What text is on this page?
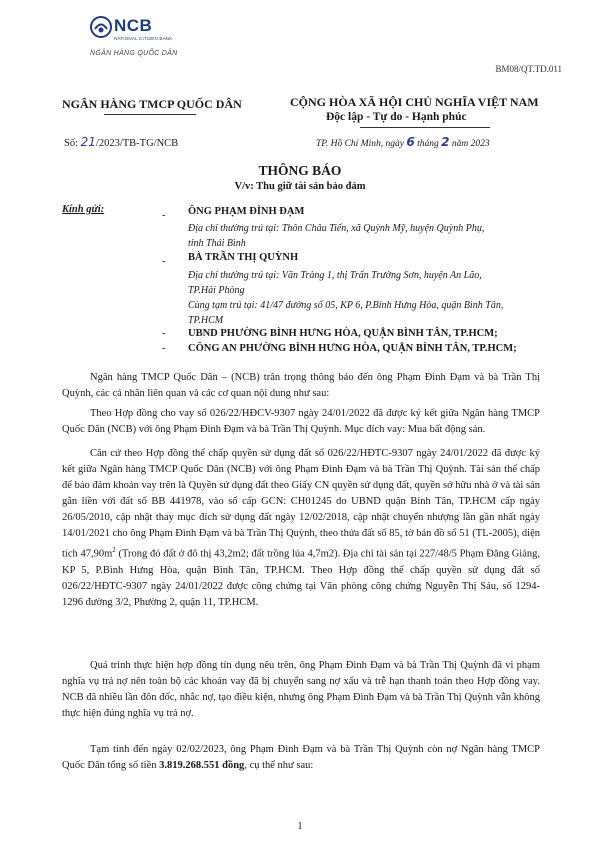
NCB
NATIONAL CITIZEN BANK
NGÂN HÀNG QUỐC DÂN
BM08/QT.TD.011
NGÂN HÀNG TMCP QUỐC DÂN	CỘNG HÒA XÃ HỘI CHỦ NGHĨA VIỆT NAM
Độc lập - Tự do - Hạnh phúc
Số: 21/2023/TB-TG/NCB	TP. Hồ Chí Minh, ngày 6 tháng 2 năm 2023
THÔNG BÁO
V/v: Thu giữ tài sản bảo đảm
Kính gửi:
- ÔNG PHẠM ĐÌNH ĐẠM
Địa chỉ thường trú tại: Thôn Châu Tiến, xã Quỳnh Mỹ, huyện Quỳnh Phụ,
tỉnh Thái Bình
- BÀ TRẦN THỊ QUỲNH
Địa chỉ thường trú tại: Văn Tràng 1, thị Trấn Trường Sơn, huyện An Lão,
TP.Hải Phòng
Cùng tạm trú tại: 41/47 đường số 05, KP 6, P.Bình Hưng Hòa, quận Bình Tân,
TP.HCM
- UBND PHƯỜNG BÌNH HƯNG HÒA, QUẬN BÌNH TÂN, TP.HCM;
- CÔNG AN PHƯỜNG BÌNH HƯNG HÒA, QUẬN BÌNH TÂN, TP.HCM;
Ngân hàng TMCP Quốc Dân – (NCB) trân trọng thông báo đến ông Phạm Đình Đạm và bà Trần Thị Quỳnh, các cá nhân liên quan và các cơ quan nội dung như sau:
Theo Hợp đồng cho vay số 026/22/HĐCV-9307 ngày 24/01/2022 đã được ký kết giữa Ngân hàng TMCP Quốc Dân (NCB) với ông Phạm Đình Đạm và bà Trần Thị Quỳnh. Mục đích vay: Mua bất động sản.
Căn cứ theo Hợp đồng thế chấp quyền sử dụng đất số 026/22/HĐTC-9307 ngày 24/01/2022 đã được ký kết giữa Ngân hàng TMCP Quốc Dân (NCB) với ông Phạm Đình Đạm và bà Trần Thị Quỳnh. Tài sản thế chấp để bảo đảm khoản vay trên là Quyền sử dụng đất theo Giấy CN quyền sử dụng đất, quyền sở hữu nhà ở và tài sản gắn liền với đất số BB 441978, vào sổ cấp GCN: CH01245 do UBND quận Bình Tân, TP.HCM cấp ngày 26/05/2010, cập nhật thay mục đích sử dụng đất ngày 12/02/2018, cập nhật chuyển nhượng lần gần nhất ngày 14/01/2021 cho ông Phạm Đình Đạm và bà Trần Thị Quỳnh, theo thửa đất số 85, tờ bản đồ số 51 (TL-2005), diện tích $47,90m^2$ (Trong đó đất ở đô thị 43,2m2; đất trồng lúa 4,7m2). Địa chỉ tài sản tại 227/48/5 Phạm Đăng Giảng, KP 5, P.Bình Hưng Hòa, quận Bình Tân, TP.HCM. Theo Hợp đồng thế chấp quyền sử dụng đất số 026/22/HĐTC-9307 ngày 24/01/2022 được công chứng tại Văn phòng công chứng Nguyễn Thị Sáu, số 1294-1296 đường 3/2, Phường 2, quận 11, TP.HCM.
Quá trình thực hiện hợp đồng tín dụng nêu trên, ông Phạm Đình Đạm và bà Trần Thị Quỳnh đã vi phạm nghĩa vụ trả nợ nên toàn bộ các khoản vay đã bị chuyển sang nợ xấu và trễ hạn thanh toán theo Hợp đồng vay. NCB đã nhiều lần đôn đốc, nhắc nợ, tạo điều kiện, nhưng ông Phạm Đình Đạm và bà Trần Thị Quỳnh vẫn không thực hiện đúng nghĩa vụ trả nợ.
Tạm tính đến ngày 02/02/2023, ông Phạm Đình Đạm và bà Trần Thị Quỳnh còn nợ Ngân hàng TMCP Quốc Dân tổng số tiền 3.819.268.551 đồng, cụ thể như sau:
1
